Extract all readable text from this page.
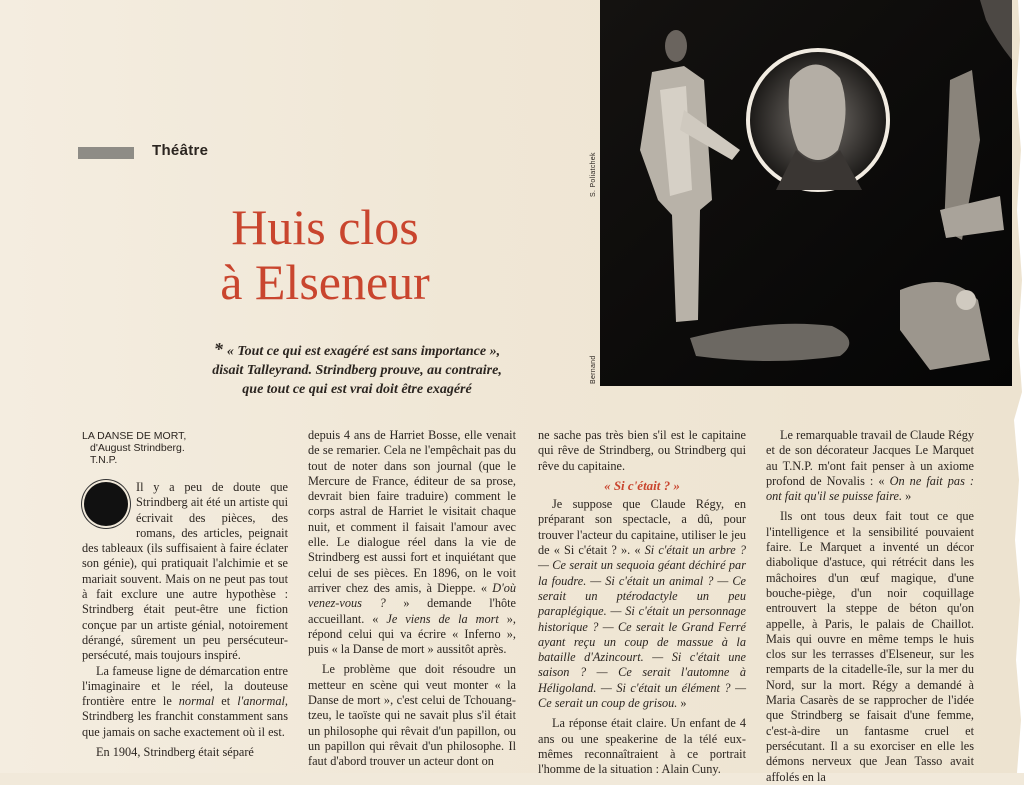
S. Poliatchek
Bernand
Théâtre
Huis clos
à Elseneur
* « Tout ce qui est exagéré est sans importance »,
disait Talleyrand. Strindberg prouve, au contraire,
que tout ce qui est vrai doit être exagéré
LA DANSE DE MORT,
d'August Strindberg.
T.N.P.

Il y a peu de doute que Strindberg ait été un artiste qui écrivait des pièces, des romans, des articles, peignait des tableaux (ils suffisaient à faire éclater son génie), qui pratiquait l'alchimie et se mariait souvent. Mais on ne peut pas tout à fait exclure une autre hypothèse : Strindberg était peut-être une fiction conçue par un artiste génial, notoirement dérangé, sûrement un peu persécuteur-persécuté, mais toujours inspiré.

La fameuse ligne de démarcation entre l'imaginaire et le réel, la douteuse frontière entre le normal et l'anormal, Strindberg les franchit constamment sans que jamais on sache exactement où il est.

En 1904, Strindberg était séparé

depuis 4 ans de Harriet Bosse, elle venait de se remarier. Cela ne l'empêchait pas du tout de noter dans son journal (que le Mercure de France, éditeur de sa prose, devrait bien faire traduire) comment le corps astral de Harriet le visitait chaque nuit, et comment il faisait l'amour avec elle. Le dialogue réel dans la vie de Strindberg est aussi fort et inquiétant que celui de ses pièces. En 1896, on le voit arriver chez des amis, à Dieppe. « D'où venez-vous ? » demande l'hôte accueillant. « Je viens de la mort », répond celui qui va écrire « Inferno », puis « la Danse de mort » aussitôt après.

Le problème que doit résoudre un metteur en scène qui veut monter « la Danse de mort », c'est celui de Tchouang-tzeu, le taoïste qui ne savait plus s'il était un philosophe qui rêvait d'un papillon, ou un papillon qui rêvait d'un philosophe. Il faut d'abord trouver un acteur dont on

ne sache pas très bien s'il est le capitaine qui rêve de Strindberg, ou Strindberg qui rêve du capitaine.

« Si c'était ? »

Je suppose que Claude Régy, en préparant son spectacle, a dû, pour trouver l'acteur du capitaine, utiliser le jeu de « Si c'était ? ». « Si c'était un arbre ? — Ce serait un sequoia géant déchiré par la foudre. — Si c'était un animal ? — Ce serait un ptérodactyle un peu paraplégique. — Si c'était un personnage historique ? — Ce serait le Grand Ferré ayant reçu un coup de massue à la bataille d'Azincourt. — Si c'était une saison ? — Ce serait l'automne à Héligoland. — Si c'était un élément ? — Ce serait un coup de grisou. »

La réponse était claire. Un enfant de 4 ans ou une speakerine de la télé eux-mêmes reconnaîtraient à ce portrait l'homme de la situation : Alain Cuny.

Le remarquable travail de Claude Régy et de son décorateur Jacques Le Marquet au T.N.P. m'ont fait penser à un axiome profond de Novalis : « On ne fait pas : ont fait qu'il se puisse faire. »

Ils ont tous deux fait tout ce que l'intelligence et la sensibilité pouvaient faire. Le Marquet a inventé un décor diabolique d'astuce, qui rétrécit dans les mâchoires d'un œuf magique, d'une bouche-piège, d'un noir coquillage entrouvert la steppe de béton qu'on appelle, à Paris, le palais de Chaillot. Mais qui ouvre en même temps le huis clos sur les terrasses d'Elseneur, sur les remparts de la citadelle-île, sur la mer du Nord, sur la mort. Régy a demandé à Maria Casarès de se rapprocher de l'idée que Strindberg se faisait d'une femme, c'est-à-dire un fantasme cruel et persécutant. Il a su exorciser en elle les démons nerveux que Jean Tasso avait affolés en la
